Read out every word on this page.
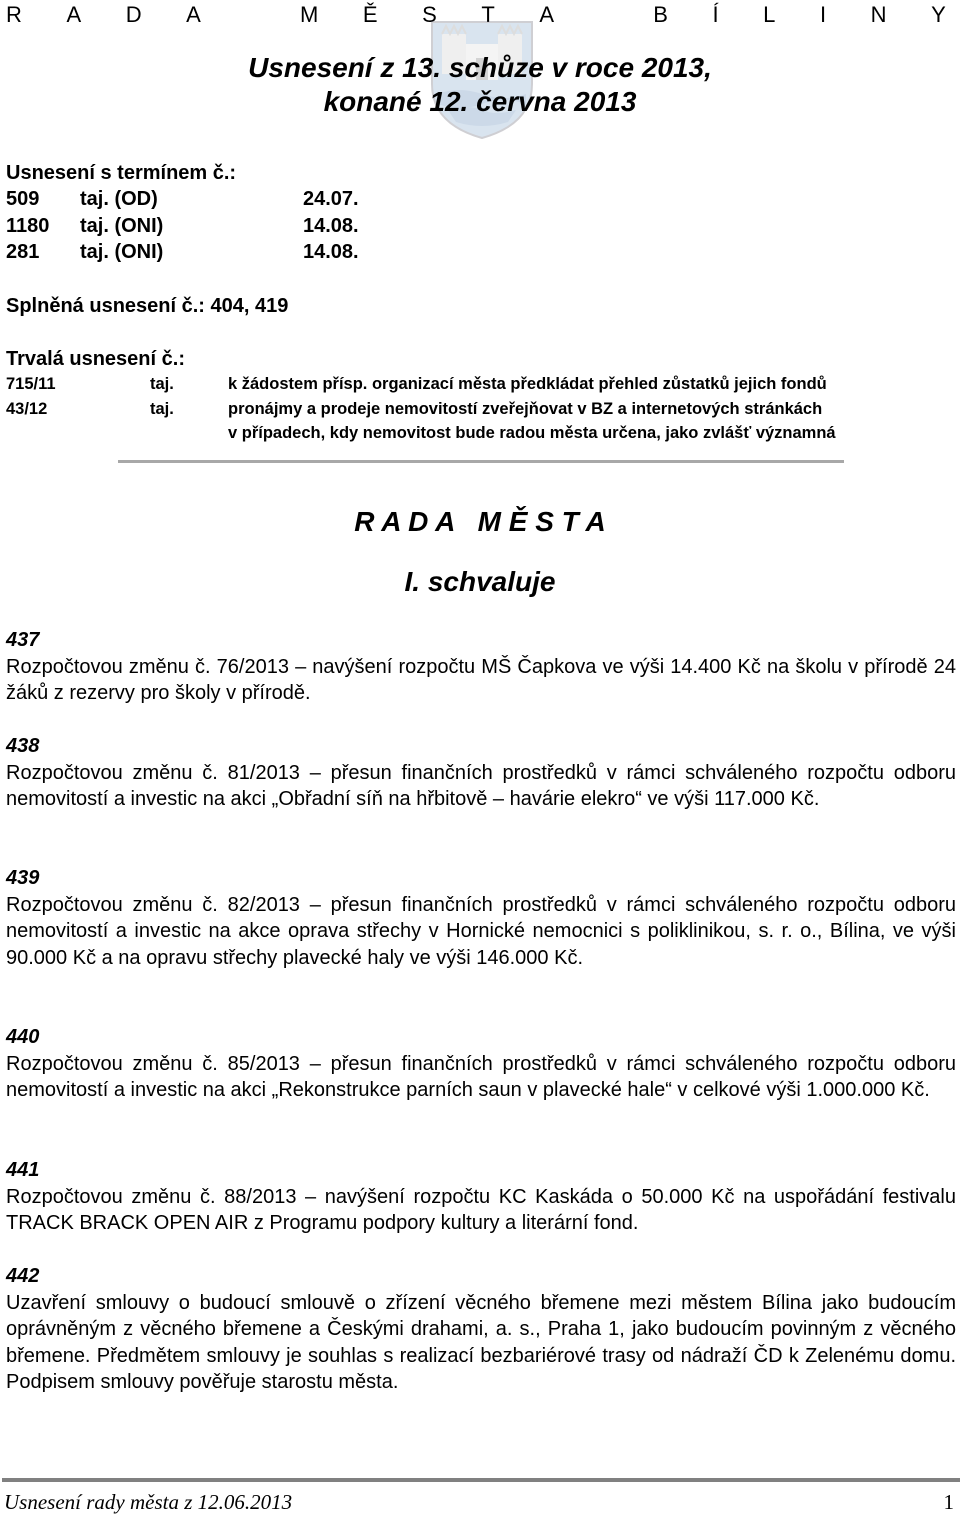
R A D A	M Ě S T A	B Í L I N Y
Usnesení z 13. schůze v roce 2013,
konané 12. června 2013
Usnesení s termínem č.:
509 taj. (OD)	24.07.
1180 taj. (ONI)	14.08.
281 taj. (ONI)	14.08.
Splněná usnesení č.: 404, 419
Trvalá usnesení č.:
715/11	taj.	k žádostem přísp. organizací města předkládat přehled zůstatků jejich fondů
43/12	taj.	pronájmy a prodeje nemovitostí zveřejňovat v BZ a internetových stránkách
v případech, kdy nemovitost bude radou města určena, jako zvlášť významná
R A D A   M Ě S T A
I. schvaluje
437
Rozpočtovou změnu č. 76/2013 – navýšení rozpočtu MŠ Čapkova ve výši 14.400 Kč na školu v přírodě 24 žáků z rezervy pro školy v přírodě.
438
Rozpočtovou změnu č. 81/2013 – přesun finančních prostředků v rámci schváleného rozpočtu odboru nemovitostí a investic na akci „Obřadní síň na hřbitově – havárie elekro“ ve výši 117.000 Kč.
439
Rozpočtovou změnu č. 82/2013 – přesun finančních prostředků v rámci schváleného rozpočtu odboru nemovitostí a investic na akce oprava střechy v Hornické nemocnici s poliklinikou, s. r. o., Bílina, ve výši 90.000 Kč a na opravu střechy plavecké haly ve výši 146.000 Kč.
440
Rozpočtovou změnu č. 85/2013 – přesun finančních prostředků v rámci schváleného rozpočtu odboru nemovitostí a investic na akci „Rekonstrukce parních saun v plavecké hale“ v celkové výši 1.000.000 Kč.
441
Rozpočtovou změnu č. 88/2013 – navýšení rozpočtu KC Kaskáda o 50.000 Kč na uspořádání festivalu TRACK BRACK OPEN AIR z Programu podpory kultury a literární fond.
442
Uzavření smlouvy o budoucí smlouvě o zřízení věcného břemene mezi městem Bílina jako budoucím oprávněným z věcného břemene a Českými drahami, a. s., Praha 1, jako budoucím povinným z věcného břemene. Předmětem smlouvy je souhlas s realizací bezbariérové trasy od nádraží ČD k Zelenému domu. Podpisem smlouvy pověřuje starostu města.
Usnesení rady města z 12.06.2013	1
